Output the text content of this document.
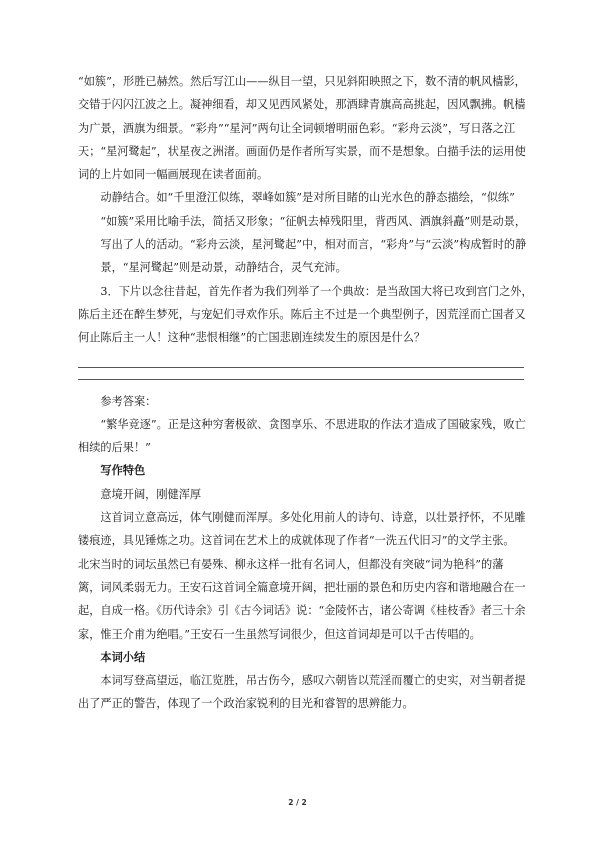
“如簇”，形胜已赫然。然后写江山——纵目一望，只见斜阳映照之下，数不清的帆风樯影，
交错于闪闪江波之上。凝神细看，却又见西风紧处，那酒肆青旗高高挑起，因风飘拂。帆樯
为广景，酒旗为细景。“彩舟”“星河”两句让全词顿增明丽色彩。“彩舟云淡”，写日落之江
天；“星河鹭起”，状星夜之洲渚。画面仍是作者所写实景，而不是想象。白描手法的运用使
词的上片如同一幅画展现在读者面前。

动静结合。如“千里澄江似练，翠峰如簇”是对所目睹的山光水色的静态描绘，“似练”
“如簇”采用比喻手法，简括又形象；“征帆去棹残阳里，背西风、酒旗斜矗”则是动景，
写出了人的活动。“彩舟云淡，星河鹭起”中，相对而言，“彩舟”与“云淡”构成暂时的静
景，“星河鹭起”则是动景，动静结合，灵气充沛。

3．下片以念往昔起，首先作者为我们列举了一个典故：是当敌国大将已攻到宫门之外，
陈后主还在醉生梦死，与宠妃们寻欢作乐。陈后主不过是一个典型例子，因荒淫而亡国者又
何止陈后主一人！这种“悲恨相继”的亡国悲剧连续发生的原因是什么？

参考答案：
“繁华竞逐”。正是这种穷奢极欲、贪图享乐、不思进取的作法才造成了国破家残，败亡
相续的后果！”

写作特色

意境开阔，刚健浑厚

这首词立意高远，体气刚健而浑厚。多处化用前人的诗句、诗意，以壮景抒怀，不见雕
镂痕迹，具见锤炼之功。这首词在艺术上的成就体现了作者“一洗五代旧习”的文学主张。
北宋当时的词坛虽然已有晏殊、柳永这样一批有名词人，但都没有突破“词为艳科”的藩
篱，词风柔弱无力。王安石这首词全篇意境开阔，把壮丽的景色和历史内容和谐地融合在一
起，自成一格。《历代诗余》引《古今词话》说：“金陵怀古，诸公寄调《桂枝香》者三十余
家，惟王介甫为绝唱。”王安石一生虽然写词很少，但这首词却是可以千古传唱的。

本词小结

本词写登高望远，临江览胜，吊古伤今，感叹六朝皆以荒淫而覆亡的史实，对当朝者提
出了严正的警告，体现了一个政治家锐利的目光和睿智的思辨能力。

2 / 2
